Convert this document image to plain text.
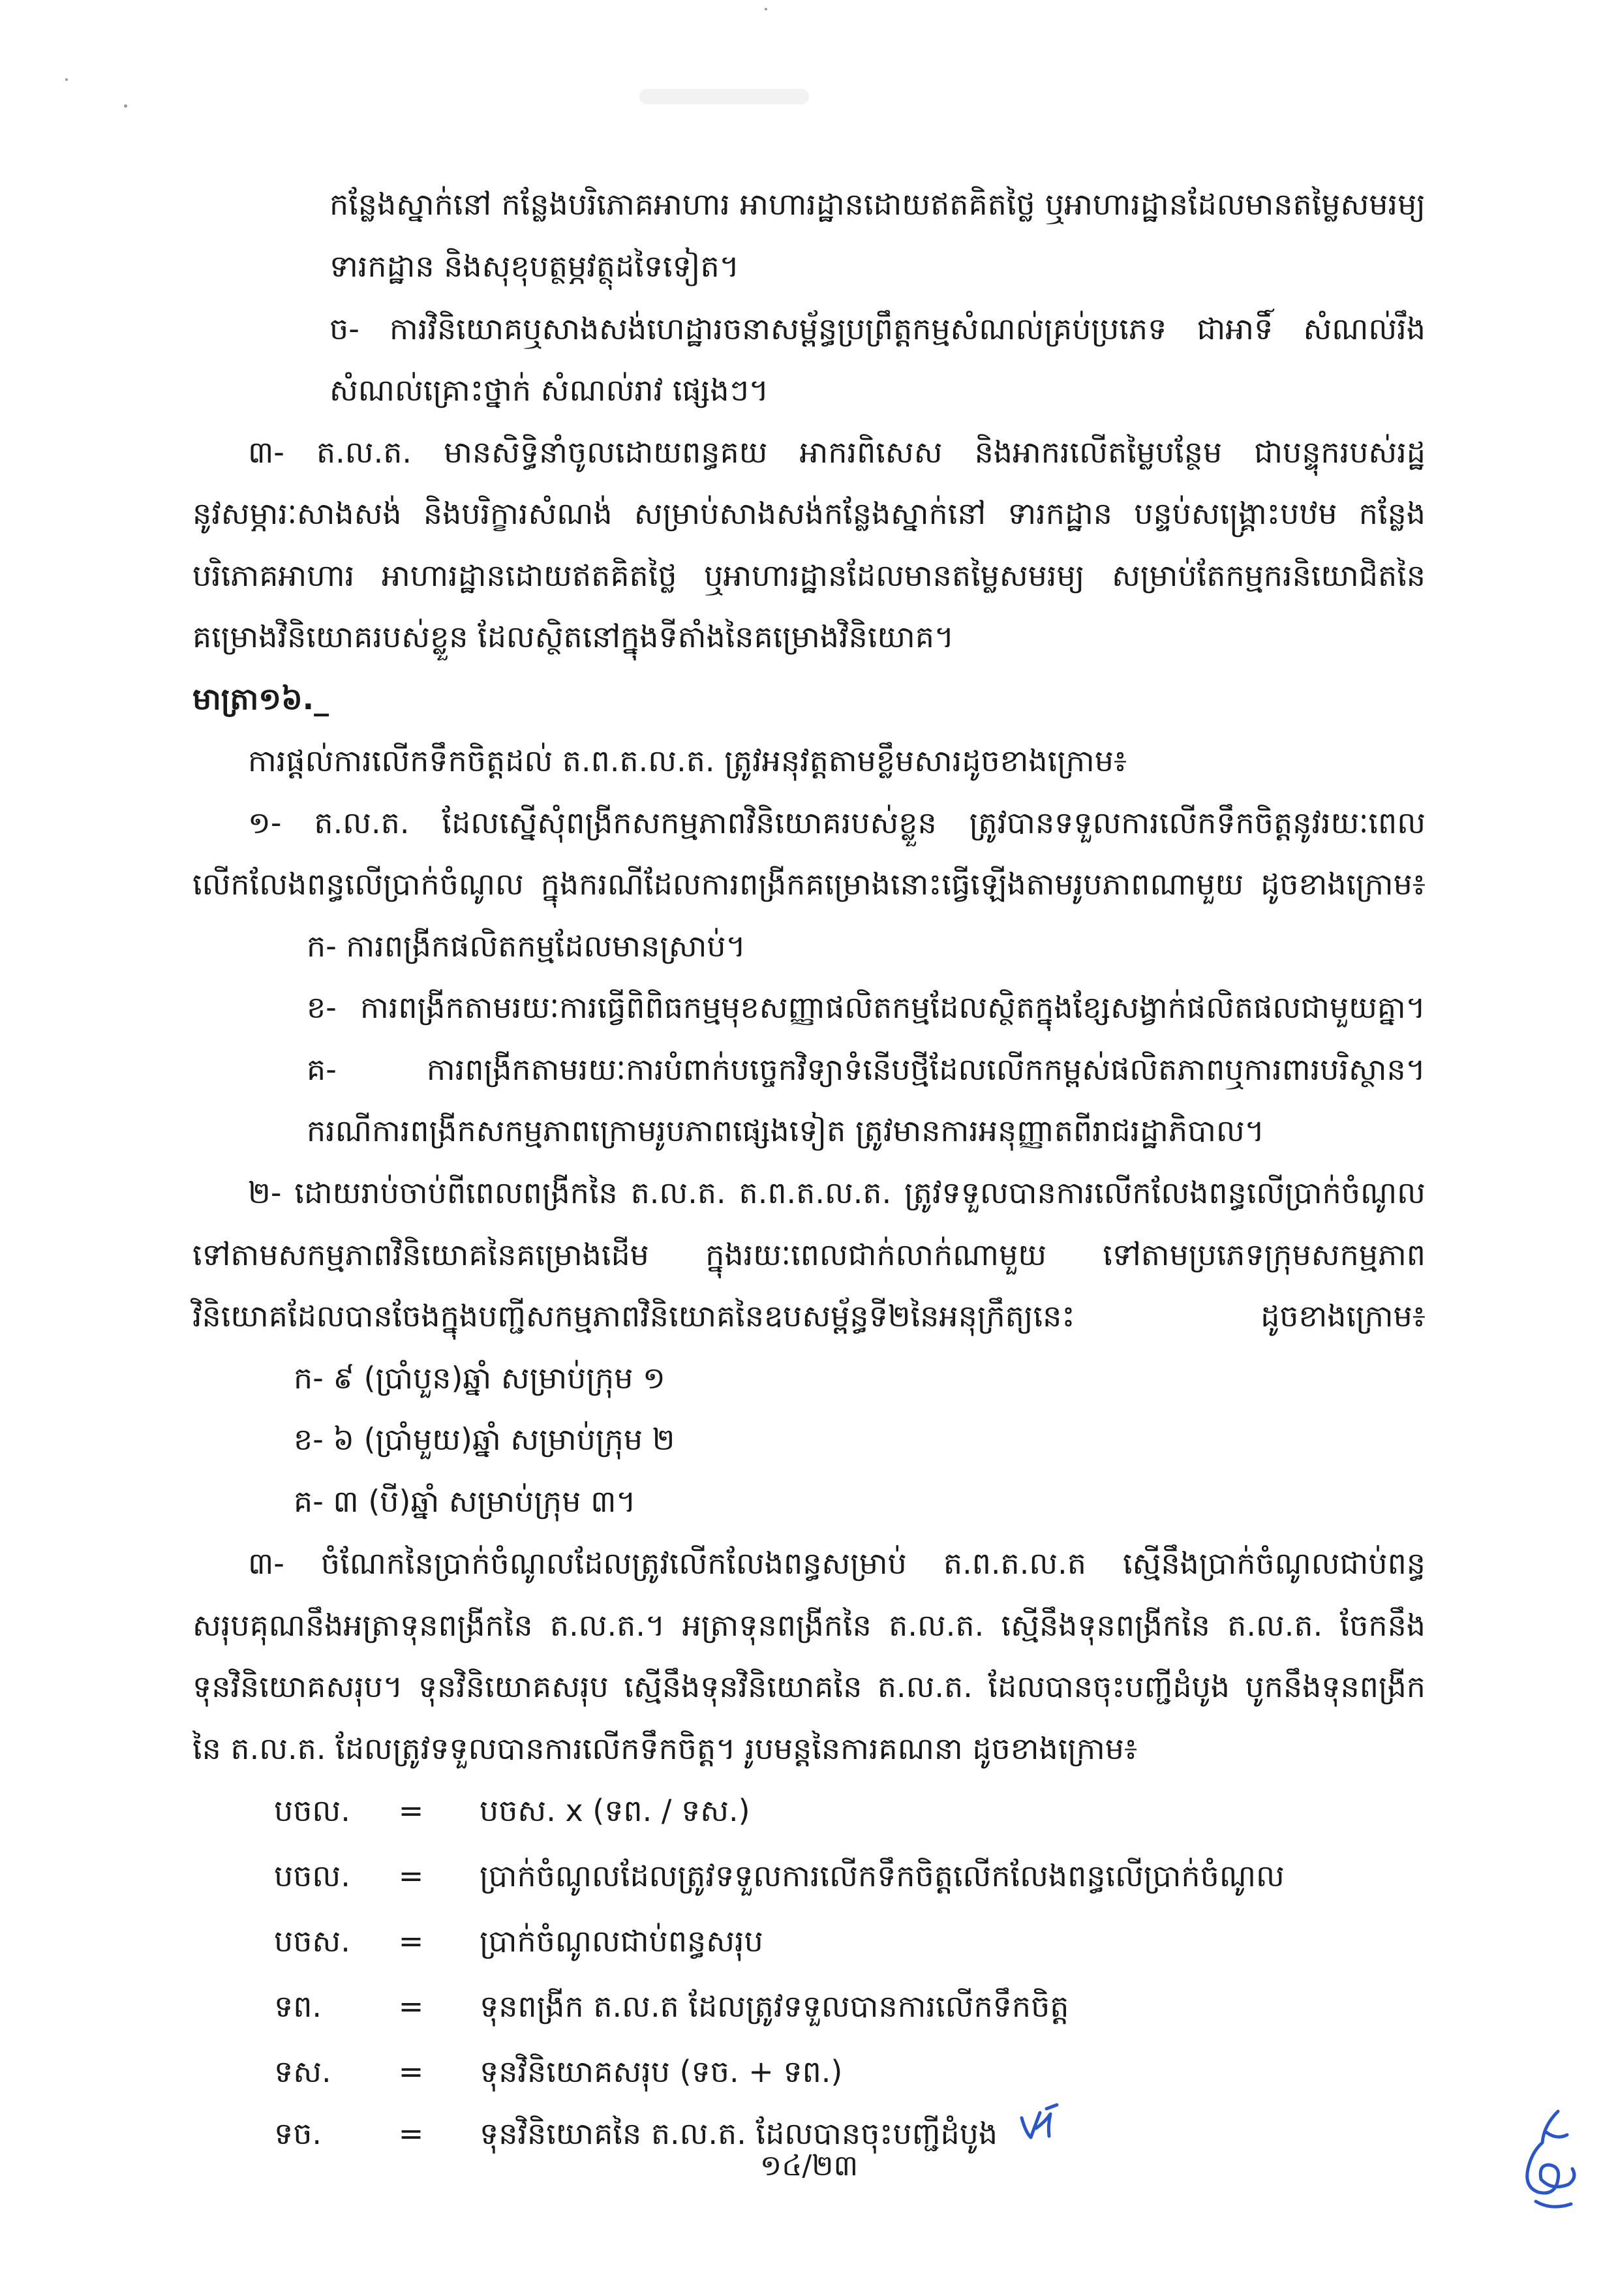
កន្លែងស្នាក់នៅ កន្លែងបរិភោគអាហារ អាហារដ្ឋានដោយឥតគិតថ្លៃ ឬអាហារដ្ឋានដែលមានតម្លៃសមរម្យ
ទារកដ្ឋាន និងសុខុបត្ថម្ភវត្ថុដទៃទៀត។
ច- ការវិនិយោគឬសាងសង់ហេដ្ឋារចនាសម្ព័ន្ធប្រព្រឹត្តកម្មសំណល់គ្រប់ប្រភេទ ជាអាទិ៍ សំណល់រឹង
សំណល់គ្រោះថ្នាក់ សំណល់រាវ ផ្សេងៗ។
៣- ត.ល.ត. មានសិទ្ធិនាំចូលដោយពន្ធគយ អាករពិសេស និងអាករលើតម្លៃបន្ថែម ជាបន្ទុករបស់រដ្ឋ
នូវសម្ភារៈសាងសង់ និងបរិក្ខារសំណង់ សម្រាប់សាងសង់កន្លែងស្នាក់នៅ ទារកដ្ឋាន បន្ទប់សង្គ្រោះបឋម កន្លែង
បរិភោគអាហារ អាហារដ្ឋានដោយឥតគិតថ្លៃ ឬអាហារដ្ឋានដែលមានតម្លៃសមរម្យ សម្រាប់តែកម្មករនិយោជិតនៃ
គម្រោងវិនិយោគរបស់ខ្លួន ដែលស្ថិតនៅក្នុងទីតាំងនៃគម្រោងវិនិយោគ។
មាត្រា១៦._
ការផ្តល់ការលើកទឹកចិត្តដល់ ត.ព.ត.ល.ត. ត្រូវអនុវត្តតាមខ្លឹមសារដូចខាងក្រោម៖
១- ត.ល.ត. ដែលស្នើសុំពង្រីកសកម្មភាពវិនិយោគរបស់ខ្លួន ត្រូវបានទទួលការលើកទឹកចិត្តនូវរយៈពេល
លើកលែងពន្ធលើប្រាក់ចំណូល ក្នុងករណីដែលការពង្រីកគម្រោងនោះធ្វើឡើងតាមរូបភាពណាមួយ ដូចខាងក្រោម៖
ក- ការពង្រីកផលិតកម្មដែលមានស្រាប់។
ខ- ការពង្រីកតាមរយៈការធ្វើពិពិធកម្មមុខសញ្ញាផលិតកម្មដែលស្ថិតក្នុងខ្សែសង្វាក់ផលិតផលជាមួយគ្នា។
គ- ការពង្រីកតាមរយៈការបំពាក់បច្ចេកវិទ្យាទំនើបថ្មីដែលលើកកម្ពស់ផលិតភាពឬការពារបរិស្ថាន។
ករណីការពង្រីកសកម្មភាពក្រោមរូបភាពផ្សេងទៀត ត្រូវមានការអនុញ្ញាតពីរាជរដ្ឋាភិបាល។
២- ដោយរាប់ចាប់ពីពេលពង្រីកនៃ ត.ល.ត. ត.ព.ត.ល.ត. ត្រូវទទួលបានការលើកលែងពន្ធលើប្រាក់ចំណូល
ទៅតាមសកម្មភាពវិនិយោគនៃគម្រោងដើម ក្នុងរយៈពេលជាក់លាក់ណាមួយ ទៅតាមប្រភេទក្រុមសកម្មភាព
វិនិយោគដែលបានចែងក្នុងបញ្ជីសកម្មភាពវិនិយោគនៃឧបសម្ព័ន្ធទី២នៃអនុក្រឹត្យនេះ ដូចខាងក្រោម៖
ក- ៩ (ប្រាំបួន)ឆ្នាំ សម្រាប់ក្រុម ១
ខ- ៦ (ប្រាំមួយ)ឆ្នាំ សម្រាប់ក្រុម ២
គ- ៣ (បី)ឆ្នាំ សម្រាប់ក្រុម ៣។
៣- ចំណែកនៃប្រាក់ចំណូលដែលត្រូវលើកលែងពន្ធសម្រាប់ ត.ព.ត.ល.ត ស្មើនឹងប្រាក់ចំណូលជាប់ពន្ធ
សរុបគុណនឹងអត្រាទុនពង្រីកនៃ ត.ល.ត.។ អត្រាទុនពង្រីកនៃ ត.ល.ត. ស្មើនឹងទុនពង្រីកនៃ ត.ល.ត. ចែកនឹង
ទុនវិនិយោគសរុប។ ទុនវិនិយោគសរុប ស្មើនឹងទុនវិនិយោគនៃ ត.ល.ត. ដែលបានចុះបញ្ជីដំបូង បូកនឹងទុនពង្រីក
នៃ ត.ល.ត. ដែលត្រូវទទួលបានការលើកទឹកចិត្ត។ រូបមន្តនៃការគណនា ដូចខាងក្រោម៖
បចល. = បចស. x (ទព. / ទស.)
បចល. = ប្រាក់ចំណូលដែលត្រូវទទួលការលើកទឹកចិត្តលើកលែងពន្ធលើប្រាក់ចំណូល
បចស. = ប្រាក់ចំណូលជាប់ពន្ធសរុប
ទព.	= ទុនពង្រីក ត.ល.ត ដែលត្រូវទទួលបានការលើកទឹកចិត្ត
ទស. = ទុនវិនិយោគសរុប (ទច. + ទព.)
ទច.	= ទុនវិនិយោគនៃ ត.ល.ត. ដែលបានចុះបញ្ជីដំបូង
១៤/២៣
